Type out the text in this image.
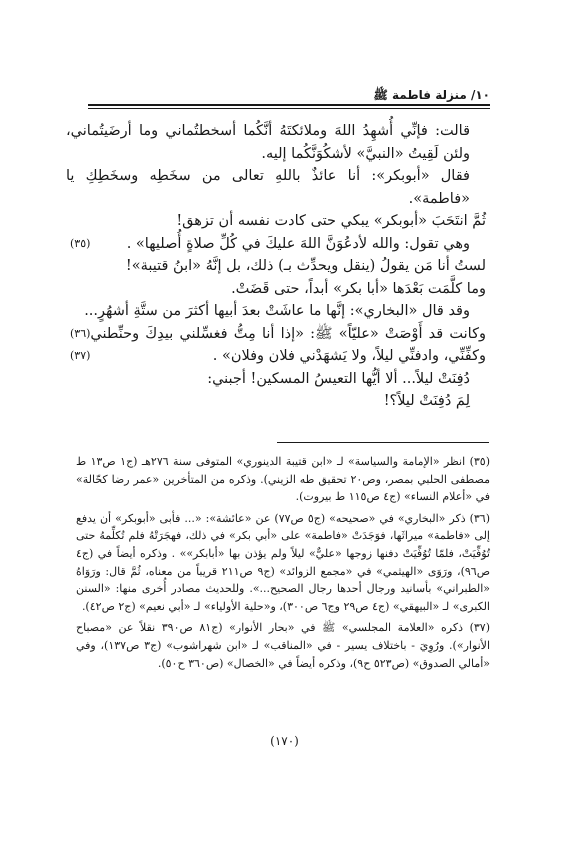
١٠/ منزلة فاطمة ﷺ

قالت: فإنِّي أُشهِدُ اللهَ وملائكتَهُ أنَّكُما أسخطتُماني وما أرضَيتُماني، ولئن لَقِيتُ «النبيَّ» لأشكُوَنَّكُما إليه.

فقال «أبوبكر»: أنا عائذٌ باللهِ تعالى من سخَطِه وسخَطِكِ يا «فاطمة».

ثُمَّ انتَحَبَ «أبوبكر» يبكي حتى كادت نفسه أن تزهق!

وهي تقول: والله لأدعُوَنَّ اللهَ عليكَ في كُلِّ صلاةٍ أُصليها» .
(٣٥)

لستُ أنا مَن يقولُ (ينقل ويحدِّث بـ) ذلك، بل إنَّهُ «ابنُ قتيبة»!

وما كلَّمَت بَعْدَها «أبا بكر» أبداً، حتى قَضَتْ.

وقد قال «البخاري»: إنَّها ما عاشَتْ بعدَ أبيها أكثرَ من ستَّةِ أشهُرٍ...
(٣٦) وكانت قد أَوْصَتْ «عليّاً» ﷺ: «إذا أنا مِتُّ فغسِّلني بيدِكَ وحنِّطني وكفِّنِّي، وادفنِّي ليلاً، ولا يَشهَدْني فلان وفلان» .
(٣٧)

دُفِنَتْ ليلاً... ألا أيُّها التعيسُ المسكين! أجبني:

لِمَ دُفِنَتْ ليلاً؟!

(٣٥) انظر «الإمامة والسياسة» لـ «ابن قتيبة الدينوري» المتوفى سنة ٢٧٦هـ (ج١ ص١٣ ط مصطفى الحلبي بمصر، وص٢٠ تحقيق طه الزيني). وذكره من المتأخرين «عمر رضا كحّالة» في «أعلام النساء» (ج٤ ص١١٥ ط بيروت).

(٣٦) ذكر «البخاري» في «صحيحه» (ج٥ ص٧٧) عن «عائشة»: «... فأبى «أبوبكر» أن يدفع إلى «فاطمة» ميراثَها، فوَجَدَتْ «فاطمة» على «أبي بكر» في ذلك، فهجَرَتْهُ فلم تُكلِّمهُ حتى تُوُفِّيَتْ، فلمّا تُوُفِّيَتْ دفنها زوجها «عليٌّ» ليلاً ولم يؤذن بها «أبابكر»» . وذكره أيضاً في (ج٤ ص٩٦)، ورَوَى «الهيثمي» في «مجمع الزوائد» (ج٩ ص٢١١ قريباً من معناه، ثُمَّ قال: ورَوَاهُ «الطبراني» بأسانيد ورجال أحدها رجال الصحيح...». وللحديث مصادر أُخرى منها: «السنن الكبرى» لـ «البيهقي» (ج٤ ص٢٩ وج٦ ص٣٠٠)، و«حلية الأولياء» لـ «أبي نعيم» (ج٢ ص٤٢).

(٣٧) ذكره «العلامة المجلسي» ﷺ في «بحار الأنوار» (ج٨١ ص٣٩٠ نقلاً عن «مصباح الأنوار»). ورُوِيَ - باختلاف يسير - في «المناقب» لـ «ابن شهراشوب» (ج٣ ص١٣٧)، وفي «أمالي الصدوق» (ص٥٢٣ ح٩)، وذكره أيضاً في «الخصال» (ص٣٦٠ ح٥٠).

(١٧٠)
